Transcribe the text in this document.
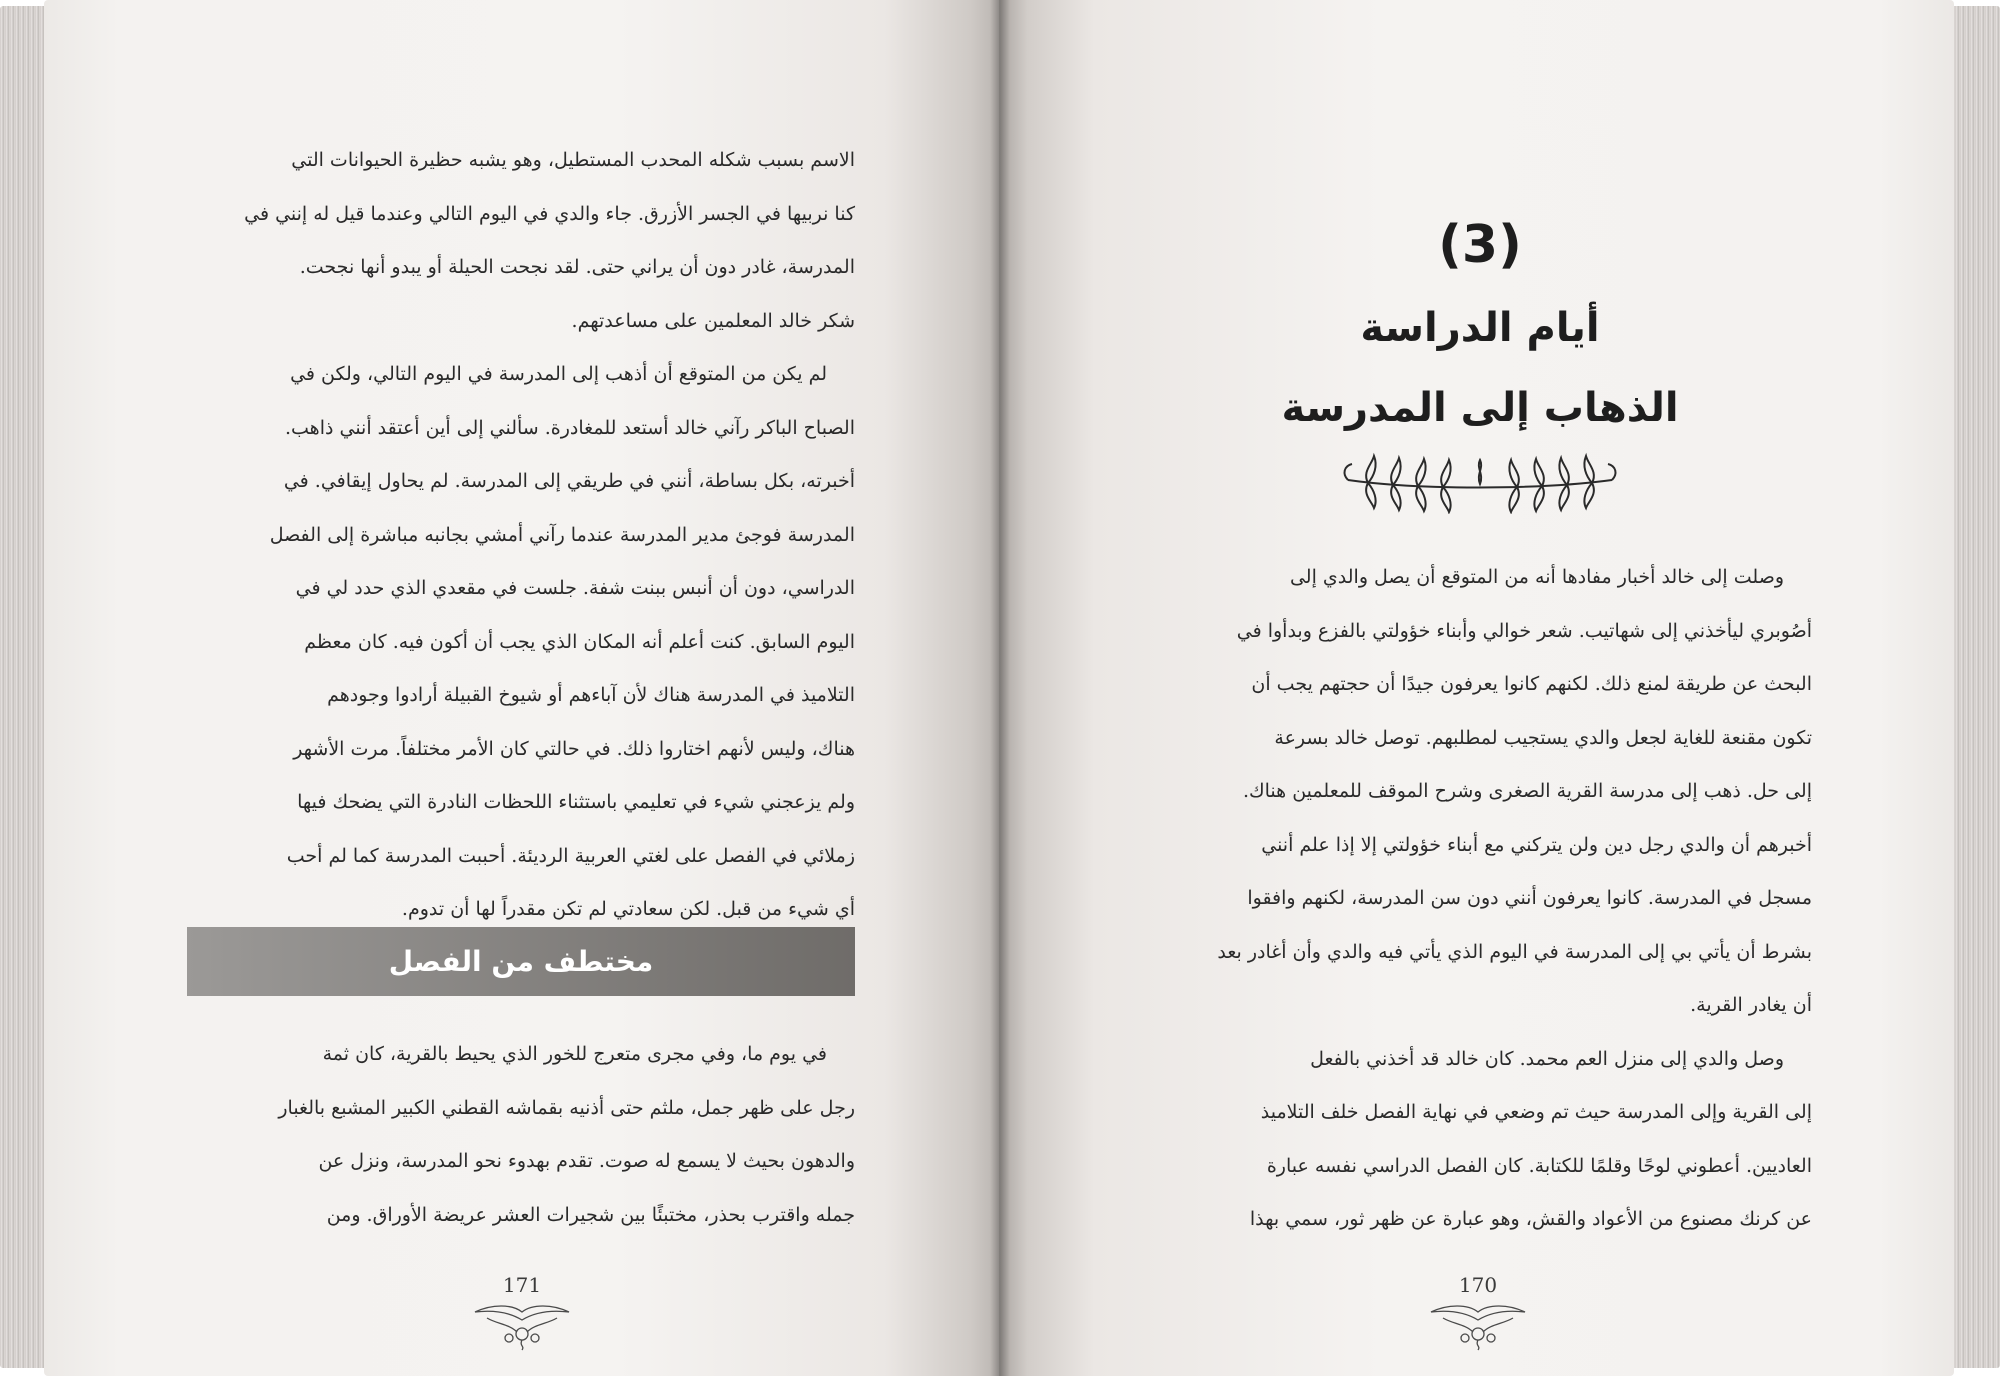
الاسم بسبب شكله المحدب المستطيل، وهو يشبه حظيرة الحيوانات التي
كنا نربيها في الجسر الأزرق. جاء والدي في اليوم التالي وعندما قيل له إنني في
المدرسة، غادر دون أن يراني حتى. لقد نجحت الحيلة أو يبدو أنها نجحت.
شكر خالد المعلمين على مساعدتهم.

لم يكن من المتوقع أن أذهب إلى المدرسة في اليوم التالي، ولكن في
الصباح الباكر رآني خالد أستعد للمغادرة. سألني إلى أين أعتقد أنني ذاهب.
أخبرته، بكل بساطة، أنني في طريقي إلى المدرسة. لم يحاول إيقافي. في
المدرسة فوجئ مدير المدرسة عندما رآني أمشي بجانبه مباشرة إلى الفصل
الدراسي، دون أن أنبس ببنت شفة. جلست في مقعدي الذي حدد لي في
اليوم السابق. كنت أعلم أنه المكان الذي يجب أن أكون فيه. كان معظم
التلاميذ في المدرسة هناك لأن آباءهم أو شيوخ القبيلة أرادوا وجودهم
هناك، وليس لأنهم اختاروا ذلك. في حالتي كان الأمر مختلفاً. مرت الأشهر
ولم يزعجني شيء في تعليمي باستثناء اللحظات النادرة التي يضحك فيها
زملائي في الفصل على لغتي العربية الرديئة. أحببت المدرسة كما لم أحب
أي شيء من قبل. لكن سعادتي لم تكن مقدراً لها أن تدوم.

مختطف من الفصل

في يوم ما، وفي مجرى متعرج للخور الذي يحيط بالقرية، كان ثمة
رجل على ظهر جمل، ملثم حتى أذنيه بقماشه القطني الكبير المشبع بالغبار
والدهون بحيث لا يسمع له صوت. تقدم بهدوء نحو المدرسة، ونزل عن
جمله واقترب بحذر، مختبئًا بين شجيرات العشر عريضة الأوراق. ومن

171
(3)
أيام الدراسة
الذهاب إلى المدرسة

وصلت إلى خالد أخبار مفادها أنه من المتوقع أن يصل والدي إلى
أصُوبري ليأخذني إلى شهاتيب. شعر خوالي وأبناء خؤولتي بالفزع وبدأوا في
البحث عن طريقة لمنع ذلك. لكنهم كانوا يعرفون جيدًا أن حجتهم يجب أن
تكون مقنعة للغاية لجعل والدي يستجيب لمطلبهم. توصل خالد بسرعة
إلى حل. ذهب إلى مدرسة القرية الصغرى وشرح الموقف للمعلمين هناك.
أخبرهم أن والدي رجل دين ولن يتركني مع أبناء خؤولتي إلا إذا علم أنني
مسجل في المدرسة. كانوا يعرفون أنني دون سن المدرسة، لكنهم وافقوا
بشرط أن يأتي بي إلى المدرسة في اليوم الذي يأتي فيه والدي وأن أغادر بعد
أن يغادر القرية.

وصل والدي إلى منزل العم محمد. كان خالد قد أخذني بالفعل
إلى القرية وإلى المدرسة حيث تم وضعي في نهاية الفصل خلف التلاميذ
العاديين. أعطوني لوحًا وقلمًا للكتابة. كان الفصل الدراسي نفسه عبارة
عن كرنك مصنوع من الأعواد والقش، وهو عبارة عن ظهر ثور، سمي بهذا

170
